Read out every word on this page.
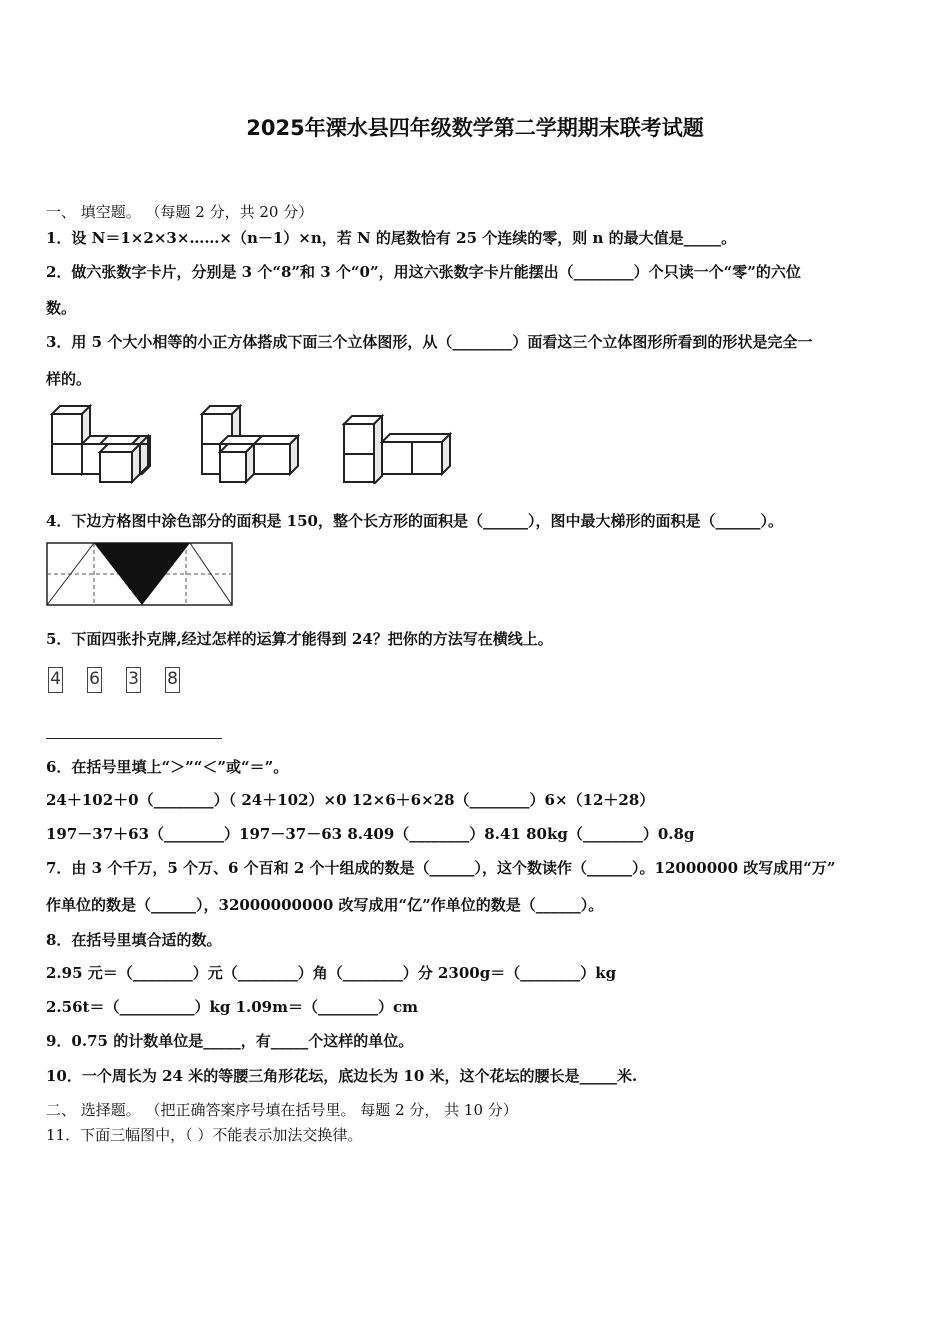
2025年溧水县四年级数学第二学期期末联考试题
一、 填空题。 （每题 2 分，共 20 分）
1．设 N＝1×2×3×……×（n－1）×n，若 N 的尾数恰有 25 个连续的零，则 n 的最大值是_____。
2．做六张数字卡片，分别是 3 个“8”和 3 个“0”，用这六张数字卡片能摆出（________）个只读一个“零”的六位
数。
3．用 5 个大小相等的小正方体搭成下面三个立体图形，从（________）面看这三个立体图形所看到的形状是完全一
样的。
4．下边方格图中涂色部分的面积是 150，整个长方形的面积是（______），图中最大梯形的面积是（______）。
5．下面四张扑克牌,经过怎样的运算才能得到 24？把你的方法写在横线上。
4 6 3 8
6．在括号里填上“＞”“＜”或“＝”。
24＋102＋0（________）（ 24＋102）×0 12×6＋6×28（________）6×（12＋28）
197－37＋63（________）197－37－63 8.409（________）8.41 80kg（________）0.8g
7．由 3 个千万，5 个万、6 个百和 2 个十组成的数是（______），这个数读作（______）。12000000 改写成用“万”
作单位的数是（______），32000000000 改写成用“亿”作单位的数是（______）。
8．在括号里填合适的数。
2.95 元＝（________）元（________）角（________）分 2300g＝（________）kg
2.56t＝（__________）kg 1.09m＝（________）cm
9．0.75 的计数单位是_____，有_____个这样的单位。
10．一个周长为 24 米的等腰三角形花坛，底边长为 10 米，这个花坛的腰长是_____米.
二、 选择题。 （把正确答案序号填在括号里。 每题 2 分， 共 10 分）
11．下面三幅图中，（ ）不能表示加法交换律。
